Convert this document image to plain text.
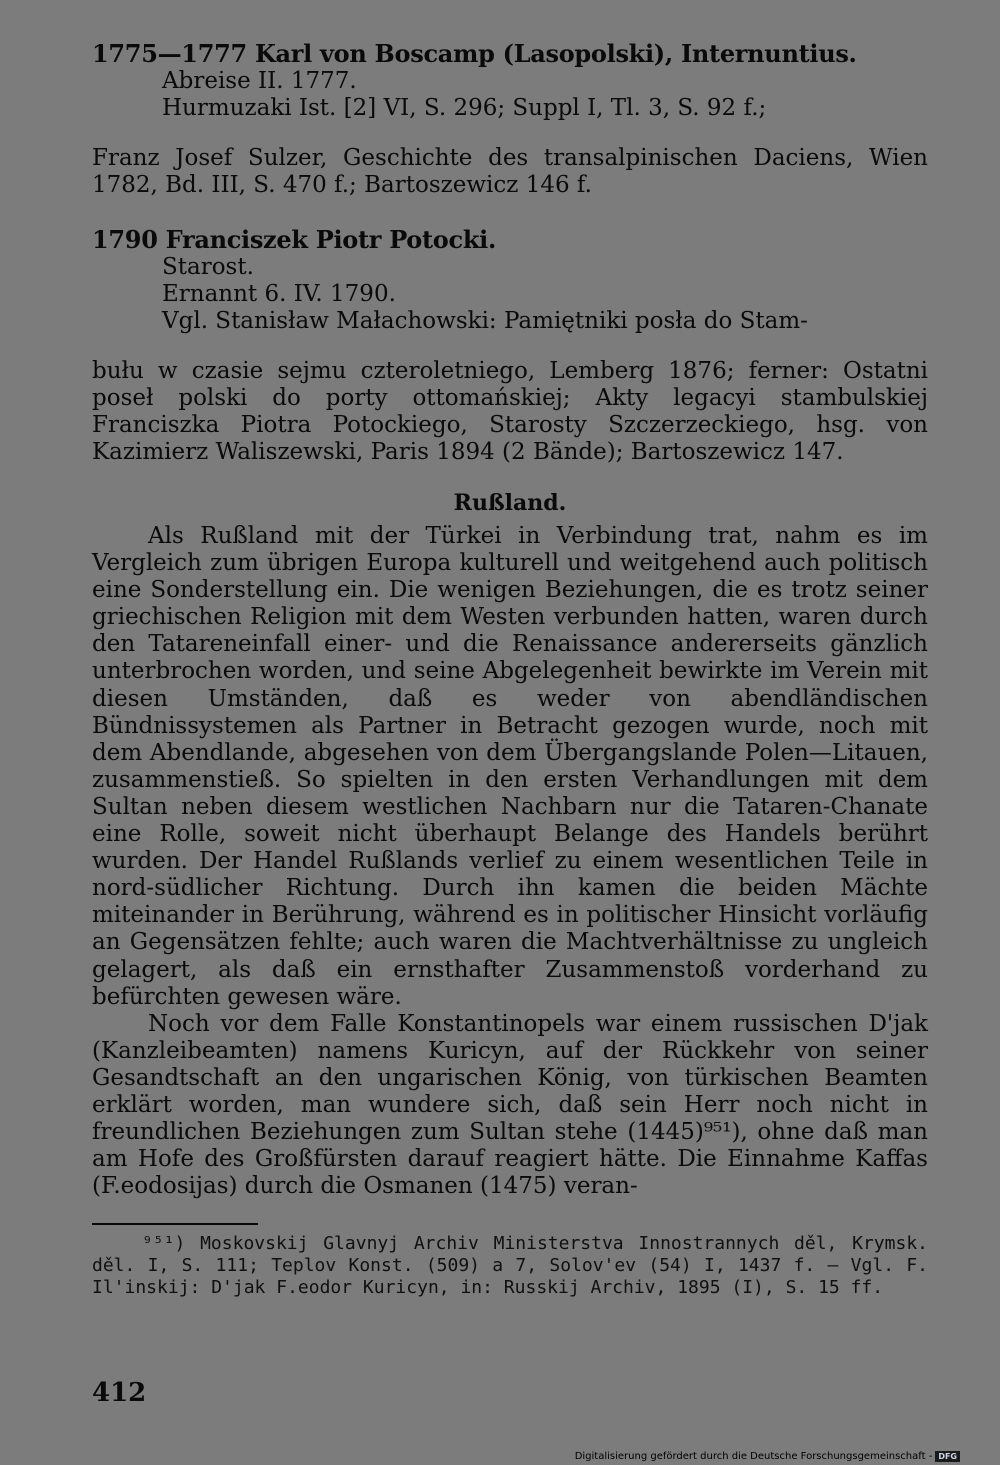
1775—1777 Karl von Boscamp (Lasopolski), Internuntius.

Abreise II. 1777.

Hurmuzaki Ist. [2] VI, S. 296; Suppl I, Tl. 3, S. 92 f.;

Franz Josef Sulzer, Geschichte des transalpinischen Daciens, Wien 1782, Bd. III, S. 470 f.; Bartoszewicz 146 f.

1790 Franciszek Piotr Potocki.

Starost.

Ernannt 6. IV. 1790.

Vgl. Stanisław Małachowski: Pamiętniki posła do Stam-

bułu w czasie sejmu czteroletniego, Lemberg 1876; ferner: Ostatni poseł polski do porty ottomańskiej; Akty legacyi stambulskiej Franciszka Piotra Potockiego, Starosty Szczerzeckiego, hsg. von Kazimierz Waliszewski, Paris 1894 (2 Bände); Bartoszewicz 147.

Rußland.

Als Rußland mit der Türkei in Verbindung trat, nahm es im Vergleich zum übrigen Europa kulturell und weitgehend auch politisch eine Sonderstellung ein. Die wenigen Beziehungen, die es trotz seiner griechischen Religion mit dem Westen verbunden hatten, waren durch den Tatareneinfall einer- und die Renaissance andererseits gänzlich unterbrochen worden, und seine Abgelegenheit bewirkte im Verein mit diesen Umständen, daß es weder von abendländischen Bündnissystemen als Partner in Betracht gezogen wurde, noch mit dem Abendlande, abgesehen von dem Übergangslande Polen—Litauen, zusammenstieß. So spielten in den ersten Verhandlungen mit dem Sultan neben diesem westlichen Nachbarn nur die Tataren-Chanate eine Rolle, soweit nicht überhaupt Belange des Handels berührt wurden. Der Handel Rußlands verlief zu einem wesentlichen Teile in nord-südlicher Richtung. Durch ihn kamen die beiden Mächte miteinander in Berührung, während es in politischer Hinsicht vorläufig an Gegensätzen fehlte; auch waren die Machtverhältnisse zu ungleich gelagert, als daß ein ernsthafter Zusammenstoß vorderhand zu befürchten gewesen wäre.

Noch vor dem Falle Konstantinopels war einem russischen D'jak (Kanzleibeamten) namens Kuricyn, auf der Rückkehr von seiner Gesandtschaft an den ungarischen König, von türkischen Beamten erklärt worden, man wundere sich, daß sein Herr noch nicht in freundlichen Beziehungen zum Sultan stehe (1445)⁹⁵¹), ohne daß man am Hofe des Großfürsten darauf reagiert hätte. Die Einnahme Kaffas (F.eodosijas) durch die Osmanen (1475) veran-

⁹⁵¹) Moskovskij Glavnyj Archiv Ministerstva Innostrannych děl, Krymsk. děl. I, S. 111; Teplov Konst. (509) a 7, Solov'ev (54) I, 1437 f. — Vgl. F. Il'inskij: D'jak F.eodor Kuricyn, in: Russkij Archiv, 1895 (I), S. 15 ff.

412

Digitalisierung gefördert durch die Deutsche Forschungsgemeinschaft - DFG
